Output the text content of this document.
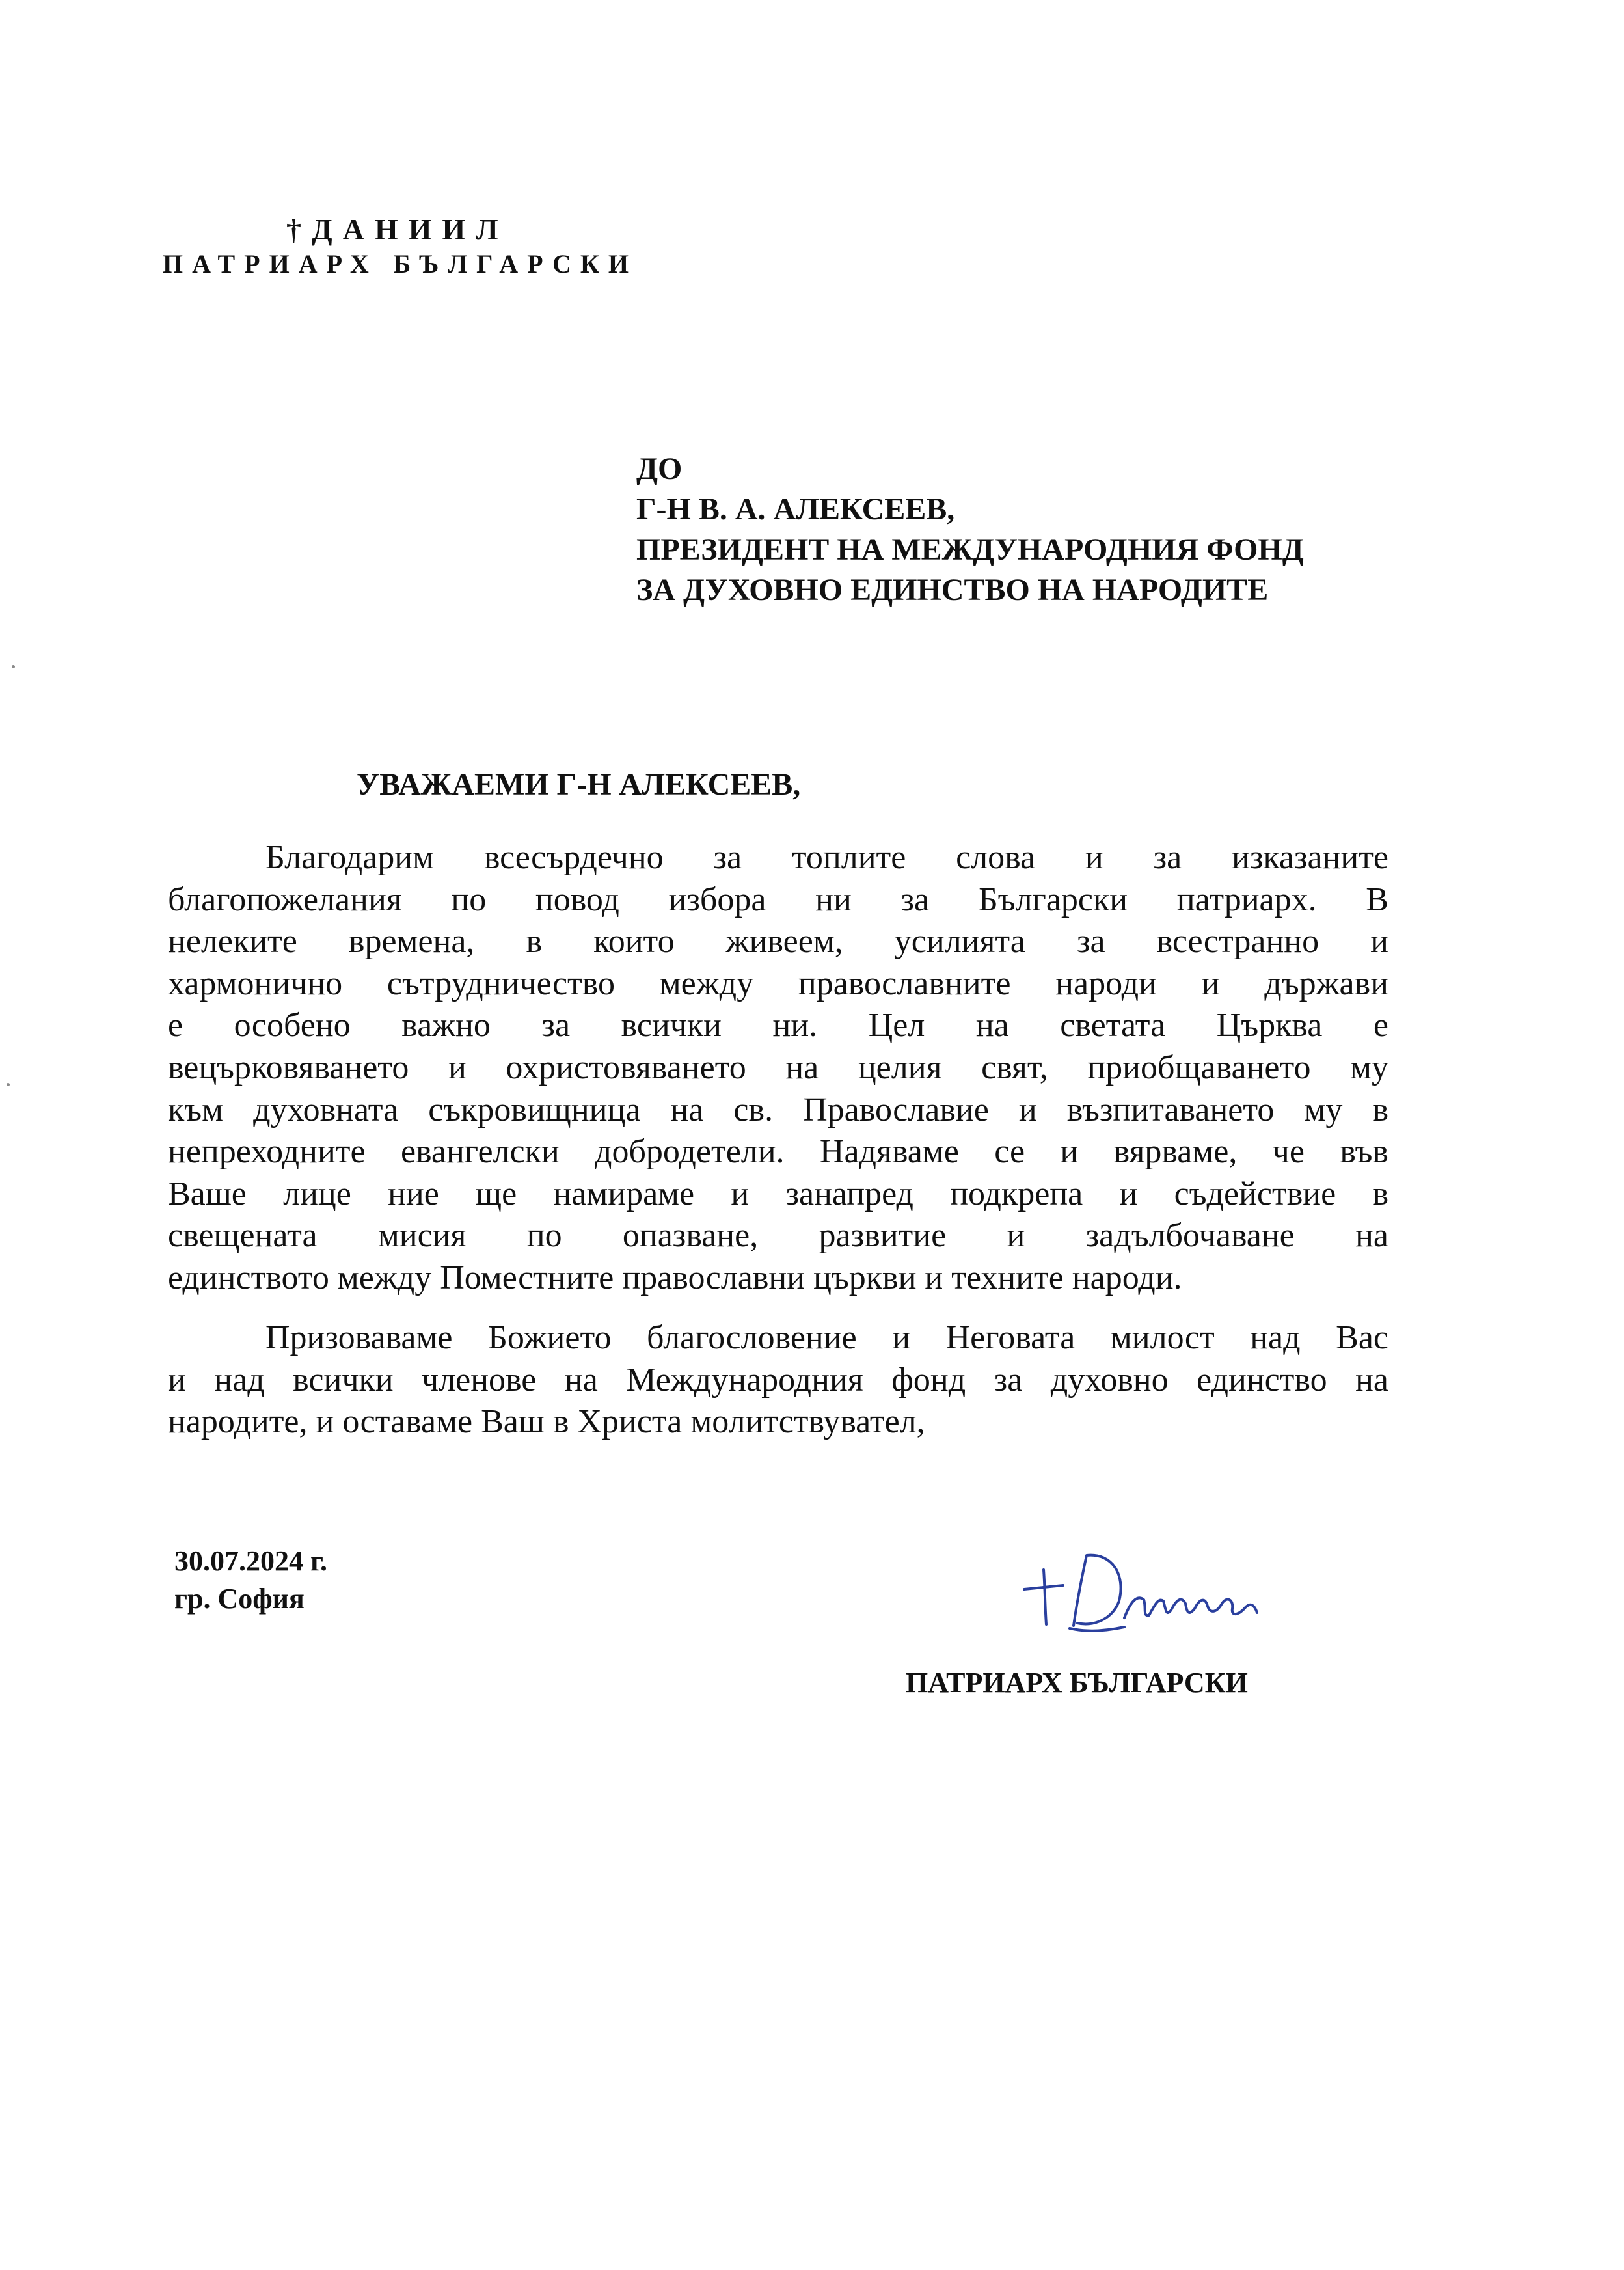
†ДАНИИЛ
ПАТРИАРХ БЪЛГАРСКИ
ДО
Г-Н В. А. АЛЕКСЕЕВ,
ПРЕЗИДЕНТ НА МЕЖДУНАРОДНИЯ ФОНД
ЗА ДУХОВНО ЕДИНСТВО НА НАРОДИТЕ
УВАЖАЕМИ Г-Н АЛЕКСЕЕВ,
Благодарим всесърдечно за топлите слова и за изказаните
благопожелания по повод избора ни за Български патриарх. В
нелеките времена, в които живеем, усилията за всестранно и
хармонично сътрудничество между православните народи и държави
е особено важно за всички ни. Цел на светата Църква е
вецърковяването и охристовяването на целия свят, приобщаването му
към духовната съкровищница на св. Православие и възпитаването му в
непреходните евангелски добродетели. Надяваме се и вярваме, че във
Ваше лице ние ще намираме и занапред подкрепа и съдействие в
свещената мисия по опазване, развитие и задълбочаване на
единството между Поместните православни църкви и техните народи.
Призоваваме Божието благословение и Неговата милост над Вас
и над всички членове на Международния фонд за духовно единство на
народите, и оставаме Ваш в Христа молитствувател,
30.07.2024 г.
гр. София
ПАТРИАРХ БЪЛГАРСКИ
